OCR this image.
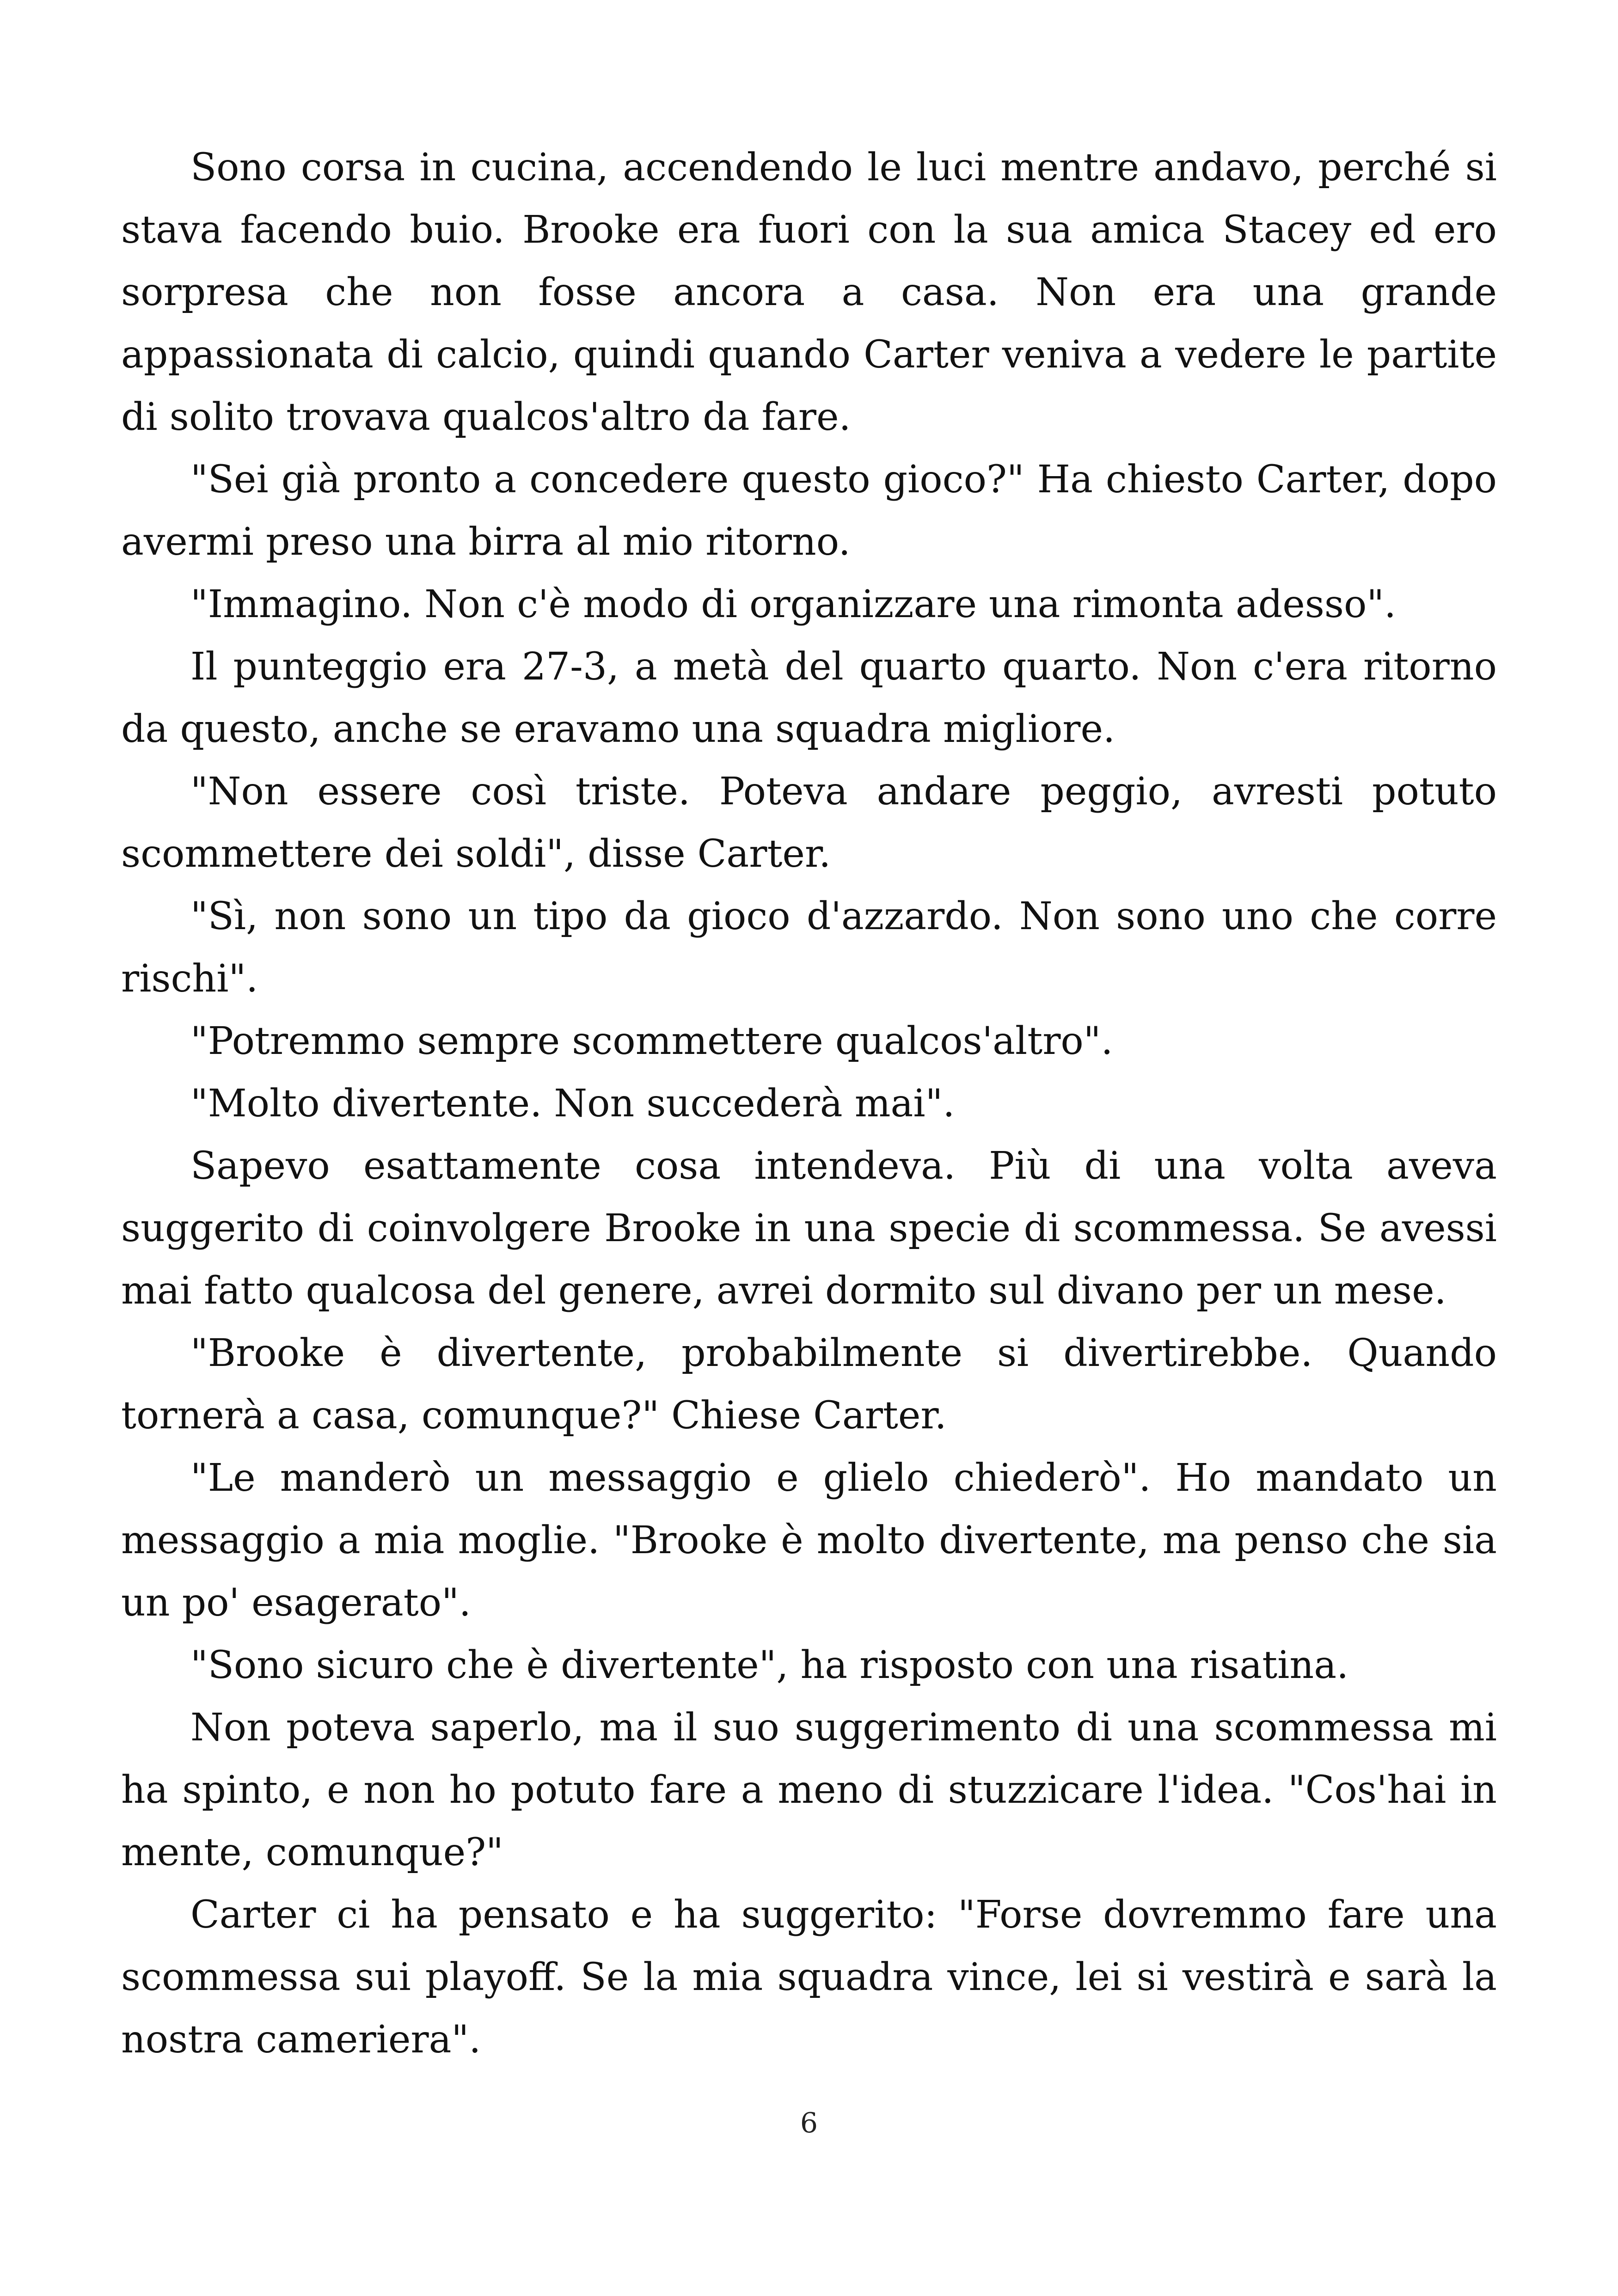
Sono corsa in cucina, accendendo le luci mentre andavo, perché si stava facendo buio. Brooke era fuori con la sua amica Stacey ed ero sorpresa che non fosse ancora a casa. Non era una grande appassionata di calcio, quindi quando Carter veniva a vedere le partite di solito trovava qualcos'altro da fare.

"Sei già pronto a concedere questo gioco?" Ha chiesto Carter, dopo avermi preso una birra al mio ritorno.

"Immagino. Non c'è modo di organizzare una rimonta adesso".

Il punteggio era 27-3, a metà del quarto quarto. Non c'era ritorno da questo, anche se eravamo una squadra migliore.

"Non essere così triste. Poteva andare peggio, avresti potuto scommettere dei soldi", disse Carter.

"Sì, non sono un tipo da gioco d'azzardo. Non sono uno che corre rischi".

"Potremmo sempre scommettere qualcos'altro".

"Molto divertente. Non succederà mai".

Sapevo esattamente cosa intendeva. Più di una volta aveva suggerito di coinvolgere Brooke in una specie di scommessa. Se avessi mai fatto qualcosa del genere, avrei dormito sul divano per un mese.

"Brooke è divertente, probabilmente si divertirebbe. Quando tornerà a casa, comunque?" Chiese Carter.

"Le manderò un messaggio e glielo chiederò". Ho mandato un messaggio a mia moglie. "Brooke è molto divertente, ma penso che sia un po' esagerato".

"Sono sicuro che è divertente", ha risposto con una risatina.

Non poteva saperlo, ma il suo suggerimento di una scommessa mi ha spinto, e non ho potuto fare a meno di stuzzicare l'idea. "Cos'hai in mente, comunque?"

Carter ci ha pensato e ha suggerito: "Forse dovremmo fare una scommessa sui playoff. Se la mia squadra vince, lei si vestirà e sarà la nostra cameriera".

6
